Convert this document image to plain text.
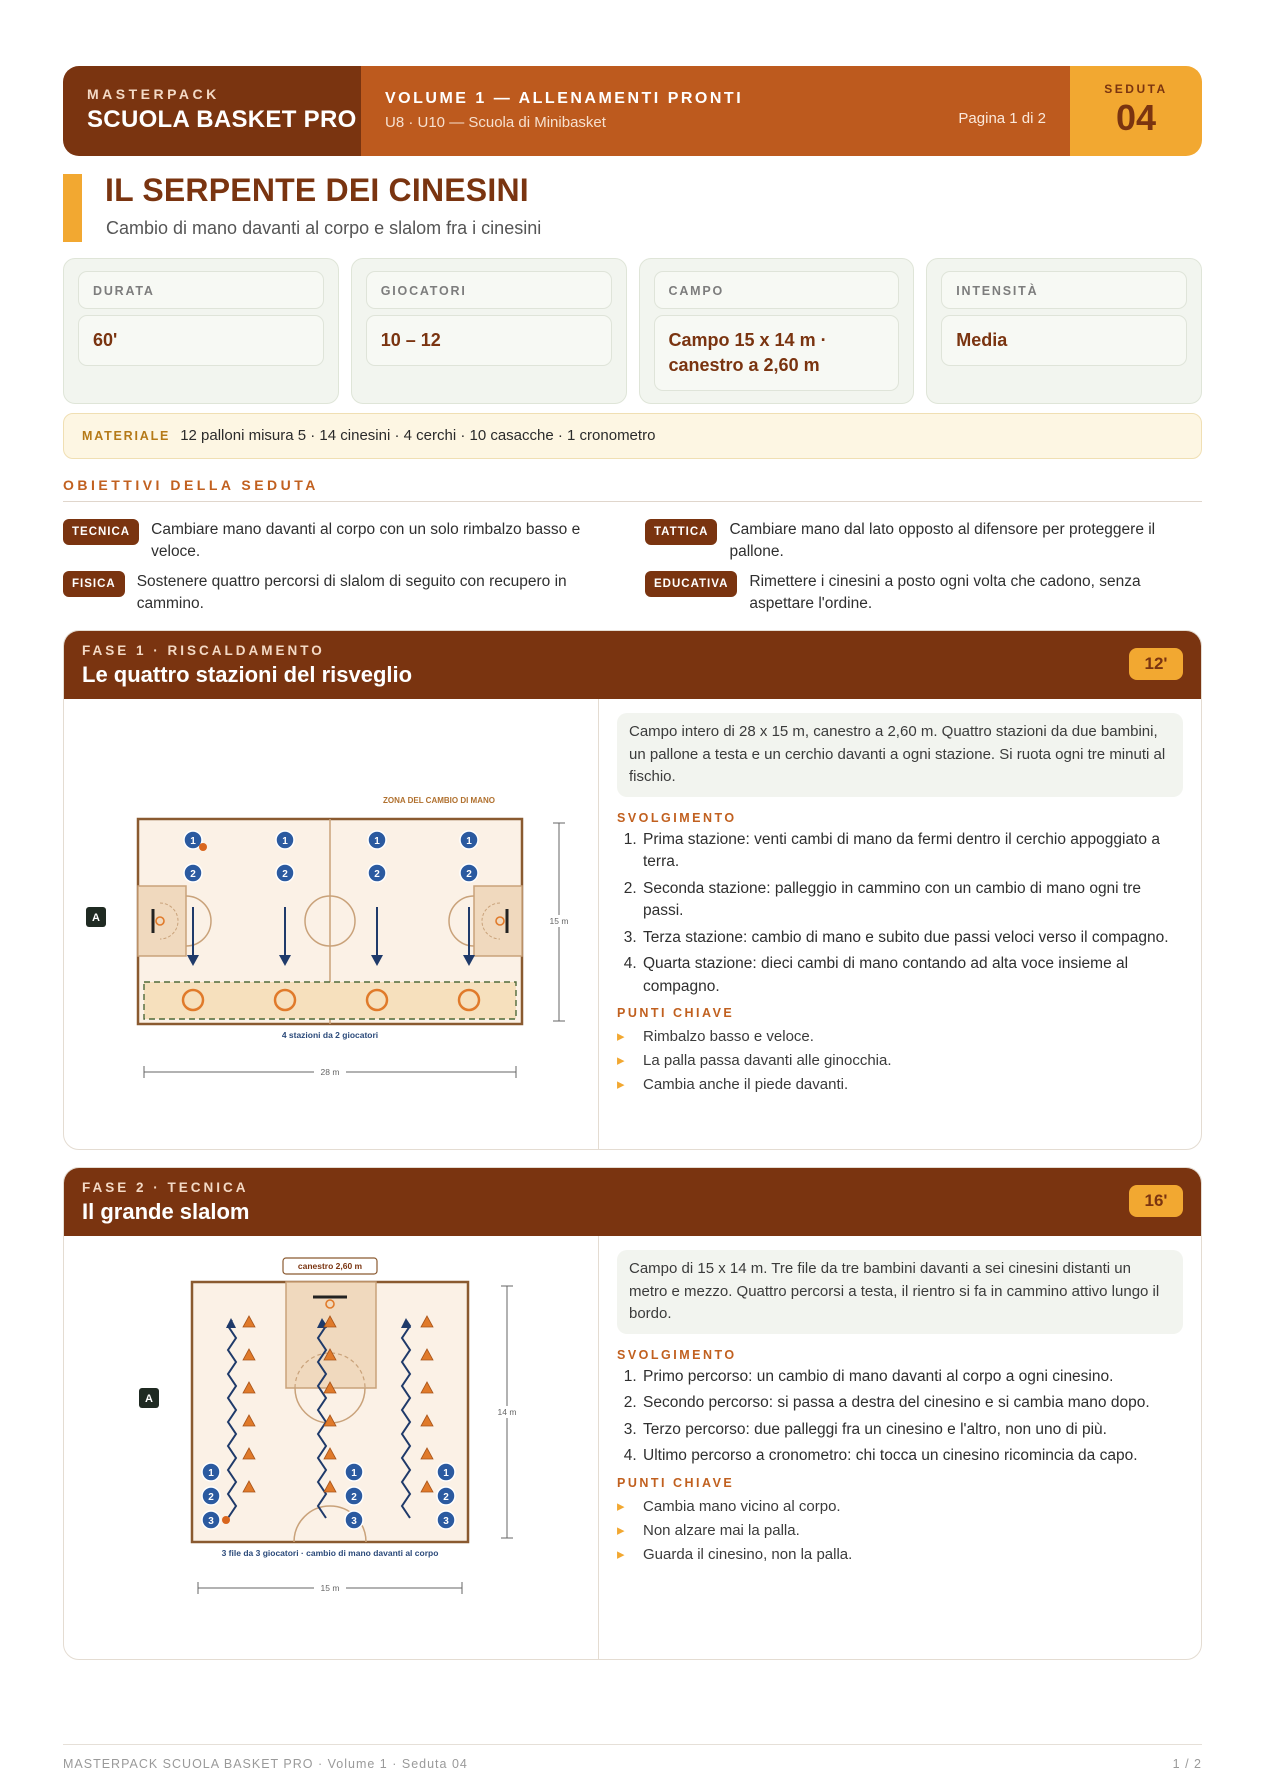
MASTERPACK
SCUOLA BASKET PRO
VOLUME 1 — ALLENAMENTI PRONTI
U8 · U10 — Scuola di Minibasket	Pagina 1 di 2
SEDUTA
04
IL SERPENTE DEI CINESINI
Cambio di mano davanti al corpo e slalom fra i cinesini
DURATA
60'
GIOCATORI
10 – 12
CAMPO
Campo 15 x 14 m · canestro a 2,60 m
INTENSITÀ
Media
MATERIALE 12 palloni misura 5 · 14 cinesini · 4 cerchi · 10 casacche · 1 cronometro
OBIETTIVI DELLA SEDUTA
TECNICA	Cambiare mano davanti al corpo con un solo rimbalzo basso e veloce.
TATTICA	Cambiare mano dal lato opposto al difensore per proteggere il pallone.
FISICA	Sostenere quattro percorsi di slalom di seguito con recupero in cammino.
EDUCATIVA	Rimettere i cinesini a posto ogni volta che cadono, senza aspettare l'ordine.
FASE 1 · RISCALDAMENTO
Le quattro stazioni del risveglio	12'
A
ZONA DEL CAMBIO DI MANO
1
2
1
2
1
2
1
2
4 stazioni da 2 giocatori
28 m
15 m
Campo intero di 28 x 15 m, canestro a 2,60 m. Quattro stazioni da due bambini, un pallone a testa e un cerchio davanti a ogni stazione. Si ruota ogni tre minuti al fischio.
SVOLGIMENTO
1. Prima stazione: venti cambi di mano da fermi dentro il cerchio appoggiato a terra.
2. Seconda stazione: palleggio in cammino con un cambio di mano ogni tre passi.
3. Terza stazione: cambio di mano e subito due passi veloci verso il compagno.
4. Quarta stazione: dieci cambi di mano contando ad alta voce insieme al compagno.
PUNTI CHIAVE
▸ Rimbalzo basso e veloce.
▸ La palla passa davanti alle ginocchia.
▸ Cambia anche il piede davanti.
FASE 2 · TECNICA
Il grande slalom	16'
A
canestro 2,60 m
1
2
3
1
2
3
1
2
3
3 file da 3 giocatori · cambio di mano davanti al corpo
15 m
14 m
Campo di 15 x 14 m. Tre file da tre bambini davanti a sei cinesini distanti un metro e mezzo. Quattro percorsi a testa, il rientro si fa in cammino attivo lungo il bordo.
SVOLGIMENTO
1. Primo percorso: un cambio di mano davanti al corpo a ogni cinesino.
2. Secondo percorso: si passa a destra del cinesino e si cambia mano dopo.
3. Terzo percorso: due palleggi fra un cinesino e l'altro, non uno di più.
4. Ultimo percorso a cronometro: chi tocca un cinesino ricomincia da capo.
PUNTI CHIAVE
▸ Cambia mano vicino al corpo.
▸ Non alzare mai la palla.
▸ Guarda il cinesino, non la palla.
MASTERPACK SCUOLA BASKET PRO · Volume 1 · Seduta 04	1 / 2
